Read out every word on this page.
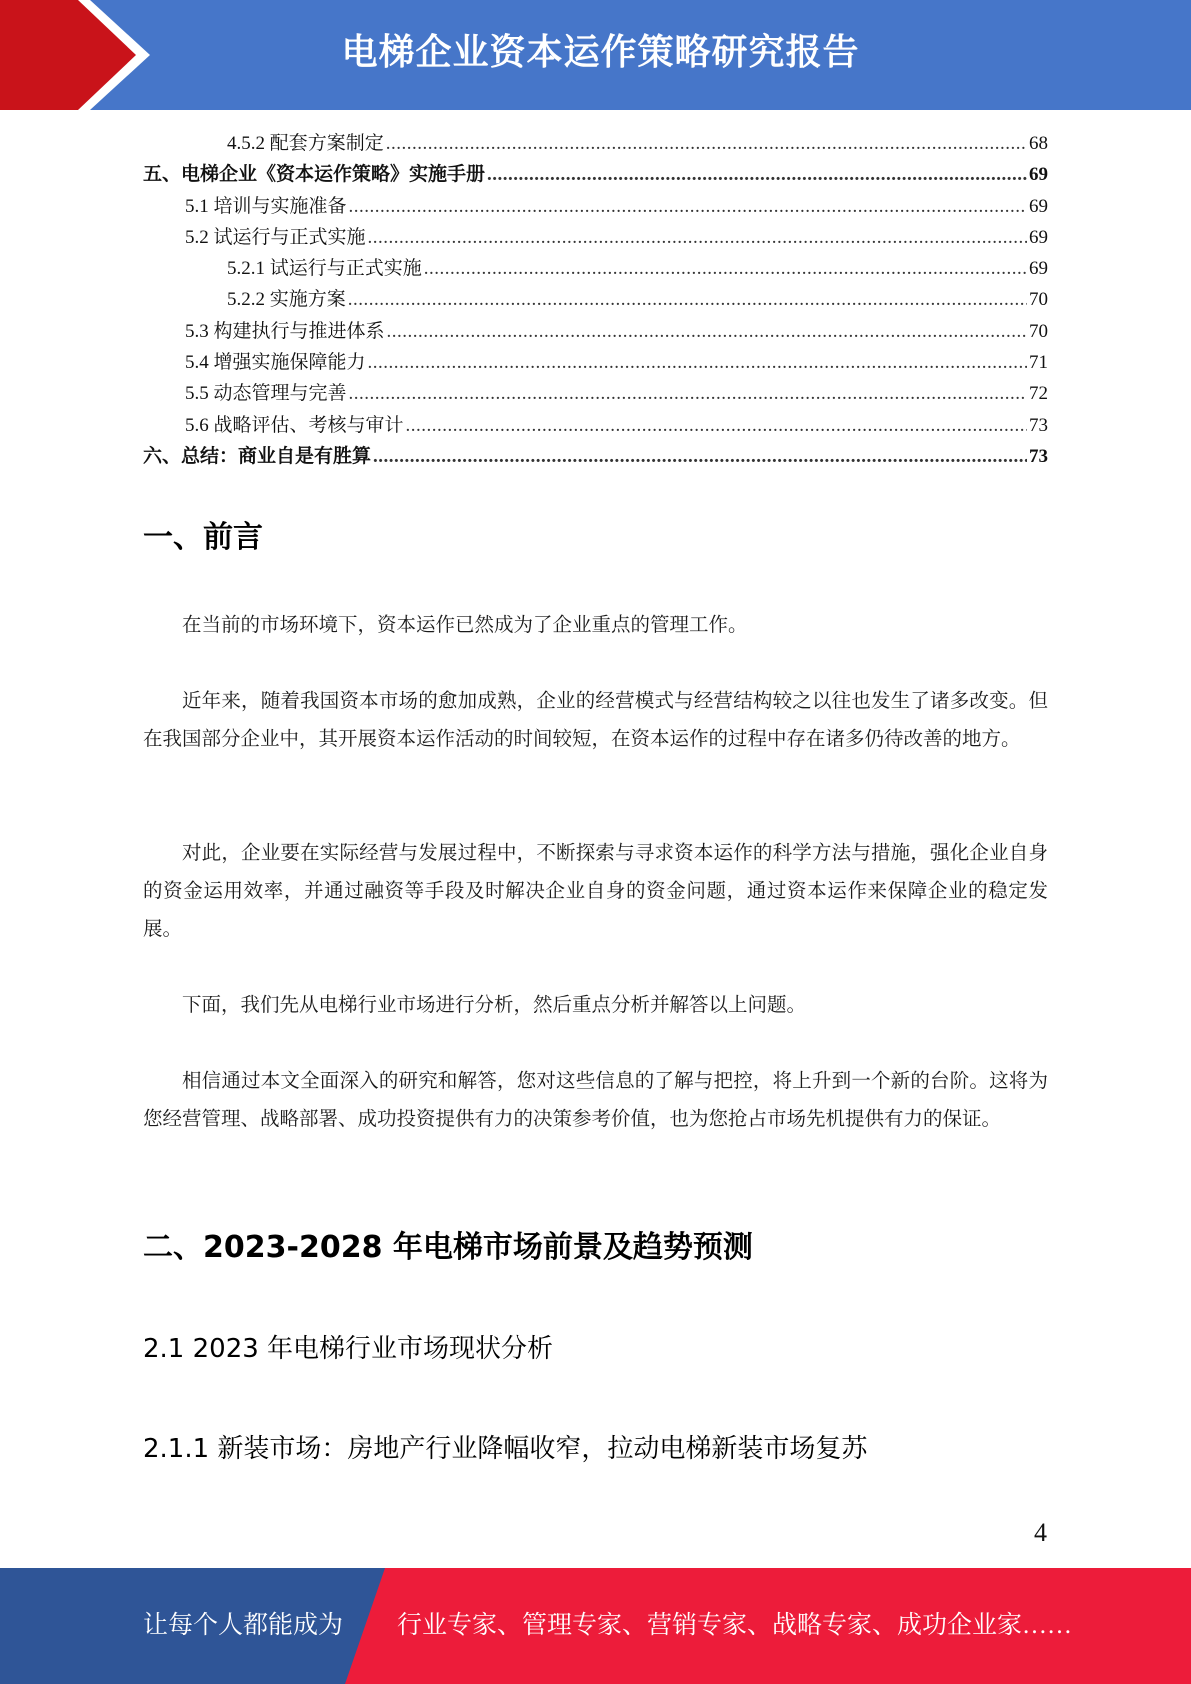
电梯企业资本运作策略研究报告
4.5.2 配套方案制定 .....	68
五、电梯企业《资本运作策略》实施手册 .....	69
5.1 培训与实施准备 .....	69
5.2 试运行与正式实施 .....	69
5.2.1 试运行与正式实施 .....	69
5.2.2 实施方案 .....	70
5.3 构建执行与推进体系 .....	70
5.4 增强实施保障能力 .....	71
5.5 动态管理与完善 .....	72
5.6 战略评估、考核与审计 .....	73
六、总结：商业自是有胜算 .....	73
一、前言
在当前的市场环境下，资本运作已然成为了企业重点的管理工作。
近年来，随着我国资本市场的愈加成熟，企业的经营模式与经营结构较之以往也发生了诸多改变。但在我国部分企业中，其开展资本运作活动的时间较短，在资本运作的过程中存在诸多仍待改善的地方。
对此，企业要在实际经营与发展过程中，不断探索与寻求资本运作的科学方法与措施，强化企业自身的资金运用效率，并通过融资等手段及时解决企业自身的资金问题，通过资本运作来保障企业的稳定发展。
下面，我们先从电梯行业市场进行分析，然后重点分析并解答以上问题。
相信通过本文全面深入的研究和解答，您对这些信息的了解与把控，将上升到一个新的台阶。这将为您经营管理、战略部署、成功投资提供有力的决策参考价值，也为您抢占市场先机提供有力的保证。
二、2023-2028 年电梯市场前景及趋势预测
2.1 2023 年电梯行业市场现状分析
2.1.1 新装市场：房地产行业降幅收窄，拉动电梯新装市场复苏
4
让每个人都能成为 行业专家、管理专家、营销专家、战略专家、成功企业家……
